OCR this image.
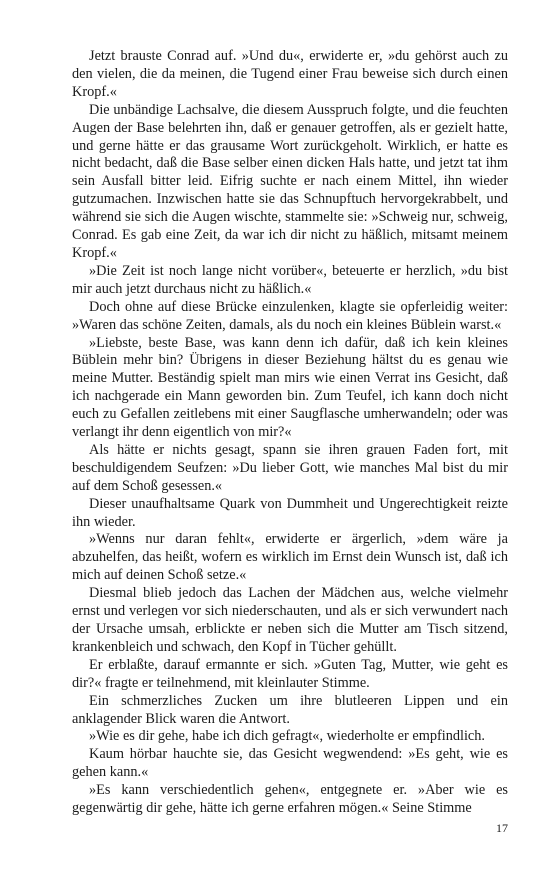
Jetzt brauste Conrad auf. »Und du«, erwiderte er, »du gehörst auch zu den vielen, die da meinen, die Tugend einer Frau beweise sich durch einen Kropf.«

Die unbändige Lachsalve, die diesem Ausspruch folgte, und die feuchten Augen der Base belehrten ihn, daß er genauer getroffen, als er gezielt hatte, und gerne hätte er das grausame Wort zurückgeholt. Wirklich, er hatte es nicht bedacht, daß die Base selber einen dicken Hals hatte, und jetzt tat ihm sein Ausfall bitter leid. Eifrig suchte er nach einem Mittel, ihn wieder gutzumachen. Inzwischen hatte sie das Schnupftuch hervorgekrabbelt, und während sie sich die Augen wischte, stammelte sie: »Schweig nur, schweig, Conrad. Es gab eine Zeit, da war ich dir nicht zu häßlich, mitsamt meinem Kropf.«

»Die Zeit ist noch lange nicht vorüber«, beteuerte er herzlich, »du bist mir auch jetzt durchaus nicht zu häßlich.«

Doch ohne auf diese Brücke einzulenken, klagte sie opferleidig weiter: »Waren das schöne Zeiten, damals, als du noch ein kleines Büblein warst.«

»Liebste, beste Base, was kann denn ich dafür, daß ich kein kleines Büblein mehr bin? Übrigens in dieser Beziehung hältst du es genau wie meine Mutter. Beständig spielt man mirs wie einen Verrat ins Gesicht, daß ich nachgerade ein Mann geworden bin. Zum Teufel, ich kann doch nicht euch zu Gefallen zeitlebens mit einer Saugflasche umherwandeln; oder was verlangt ihr denn eigentlich von mir?«

Als hätte er nichts gesagt, spann sie ihren grauen Faden fort, mit beschuldigendem Seufzen: »Du lieber Gott, wie manches Mal bist du mir auf dem Schoß gesessen.«

Dieser unaufhaltsame Quark von Dummheit und Ungerechtigkeit reizte ihn wieder.

»Wenns nur daran fehlt«, erwiderte er ärgerlich, »dem wäre ja abzuhelfen, das heißt, wofern es wirklich im Ernst dein Wunsch ist, daß ich mich auf deinen Schoß setze.«

Diesmal blieb jedoch das Lachen der Mädchen aus, welche vielmehr ernst und verlegen vor sich niederschauten, und als er sich verwundert nach der Ursache umsah, erblickte er neben sich die Mutter am Tisch sitzend, krankenbleich und schwach, den Kopf in Tücher gehüllt.

Er erblaßte, darauf ermannte er sich. »Guten Tag, Mutter, wie geht es dir?« fragte er teilnehmend, mit kleinlauter Stimme.

Ein schmerzliches Zucken um ihre blutleeren Lippen und ein anklagender Blick waren die Antwort.

»Wie es dir gehe, habe ich dich gefragt«, wiederholte er empfindlich.

Kaum hörbar hauchte sie, das Gesicht wegwendend: »Es geht, wie es gehen kann.«

»Es kann verschiedentlich gehen«, entgegnete er. »Aber wie es gegenwärtig dir gehe, hätte ich gerne erfahren mögen.« Seine Stimme

17
